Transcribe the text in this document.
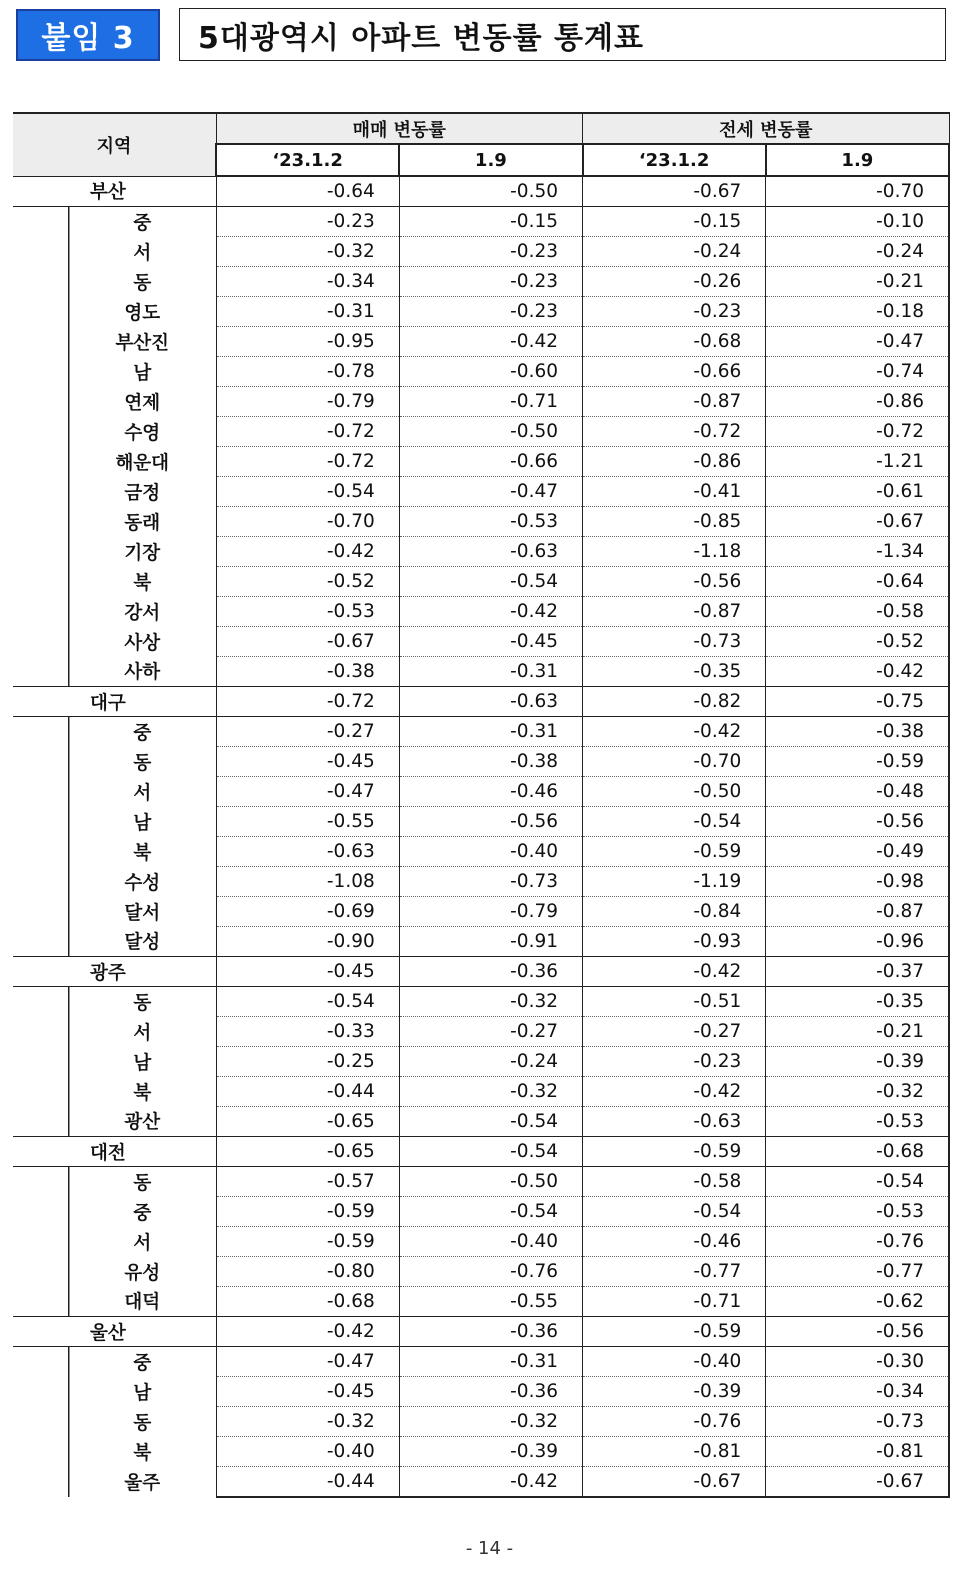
붙임 3	5대광역시 아파트 변동률 통계표
지역	매매 변동률		전세 변동률	
	‘23.1.2	1.9	‘23.1.2	1.9
부산	-0.64	-0.50	-0.67	-0.70
중	-0.23	-0.15	-0.15	-0.10
서	-0.32	-0.23	-0.24	-0.24
동	-0.34	-0.23	-0.26	-0.21
영도	-0.31	-0.23	-0.23	-0.18
부산진	-0.95	-0.42	-0.68	-0.47
남	-0.78	-0.60	-0.66	-0.74
연제	-0.79	-0.71	-0.87	-0.86
수영	-0.72	-0.50	-0.72	-0.72
해운대	-0.72	-0.66	-0.86	-1.21
금정	-0.54	-0.47	-0.41	-0.61
동래	-0.70	-0.53	-0.85	-0.67
기장	-0.42	-0.63	-1.18	-1.34
북	-0.52	-0.54	-0.56	-0.64
강서	-0.53	-0.42	-0.87	-0.58
사상	-0.67	-0.45	-0.73	-0.52
사하	-0.38	-0.31	-0.35	-0.42
대구	-0.72	-0.63	-0.82	-0.75
중	-0.27	-0.31	-0.42	-0.38
동	-0.45	-0.38	-0.70	-0.59
서	-0.47	-0.46	-0.50	-0.48
남	-0.55	-0.56	-0.54	-0.56
북	-0.63	-0.40	-0.59	-0.49
수성	-1.08	-0.73	-1.19	-0.98
달서	-0.69	-0.79	-0.84	-0.87
달성	-0.90	-0.91	-0.93	-0.96
광주	-0.45	-0.36	-0.42	-0.37
동	-0.54	-0.32	-0.51	-0.35
서	-0.33	-0.27	-0.27	-0.21
남	-0.25	-0.24	-0.23	-0.39
북	-0.44	-0.32	-0.42	-0.32
광산	-0.65	-0.54	-0.63	-0.53
대전	-0.65	-0.54	-0.59	-0.68
동	-0.57	-0.50	-0.58	-0.54
중	-0.59	-0.54	-0.54	-0.53
서	-0.59	-0.40	-0.46	-0.76
유성	-0.80	-0.76	-0.77	-0.77
대덕	-0.68	-0.55	-0.71	-0.62
울산	-0.42	-0.36	-0.59	-0.56
중	-0.47	-0.31	-0.40	-0.30
남	-0.45	-0.36	-0.39	-0.34
동	-0.32	-0.32	-0.76	-0.73
북	-0.40	-0.39	-0.81	-0.81
울주	-0.44	-0.42	-0.67	-0.67
- 14 -
